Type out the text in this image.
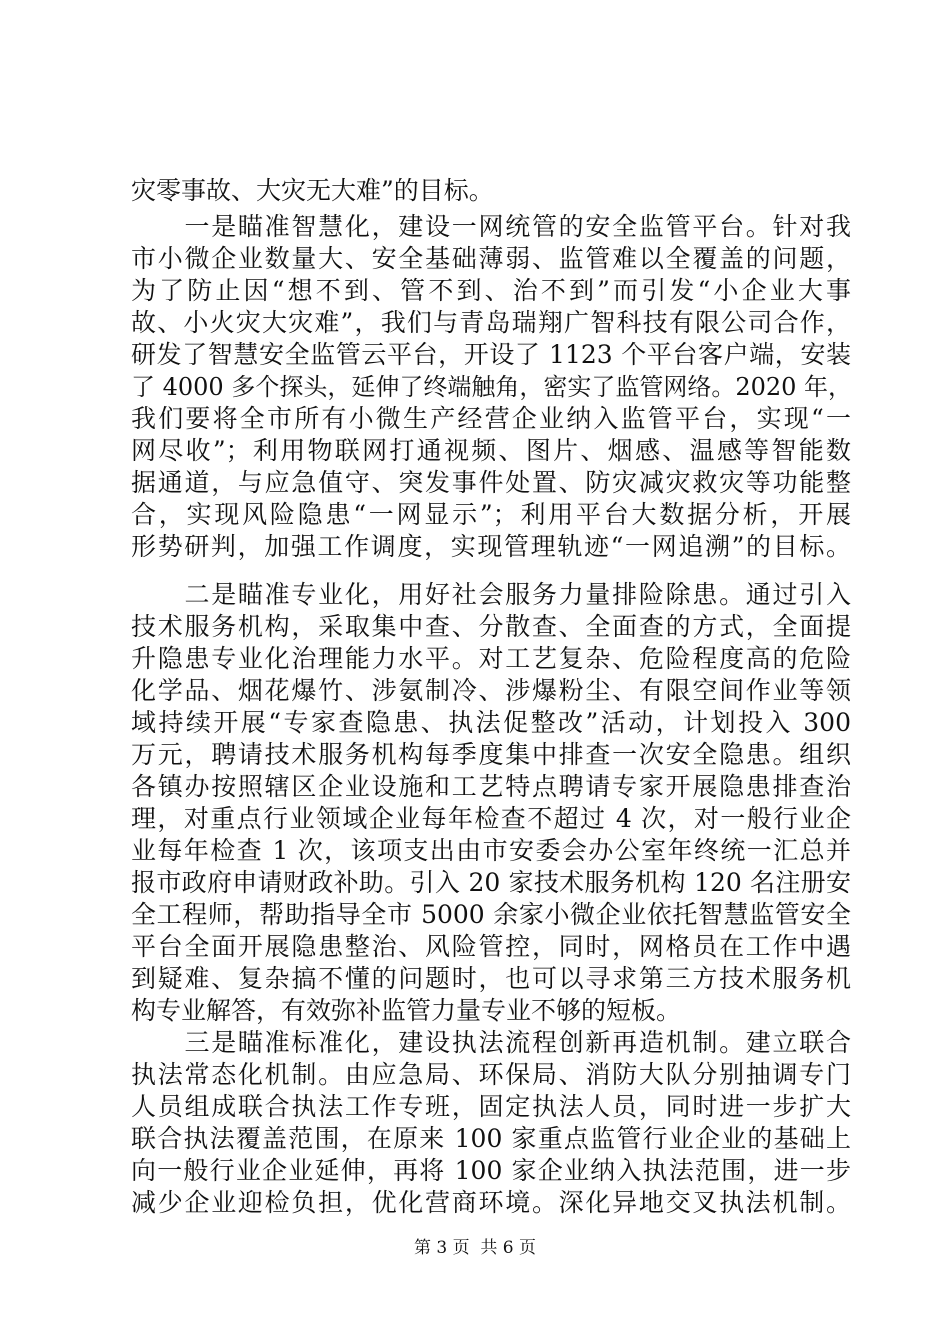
灾零事故、大灾无大难”的目标。
　　一是瞄准智慧化，建设一网统管的安全监管平台。针对我
市小微企业数量大、安全基础薄弱、监管难以全覆盖的问题，
为了防止因“想不到、管不到、治不到”而引发“小企业大事
故、小火灾大灾难”，我们与青岛瑞翔广智科技有限公司合作，
研发了智慧安全监管云平台，开设了 1123 个平台客户端，安装
了 4000 多个探头，延伸了终端触角，密实了监管网络。2020 年，
我们要将全市所有小微生产经营企业纳入监管平台，实现“一
网尽收”；利用物联网打通视频、图片、烟感、温感等智能数
据通道，与应急值守、突发事件处置、防灾减灾救灾等功能整
合，实现风险隐患“一网显示”；利用平台大数据分析，开展
形势研判，加强工作调度，实现管理轨迹“一网追溯”的目标。
　　二是瞄准专业化，用好社会服务力量排险除患。通过引入
技术服务机构，采取集中查、分散查、全面查的方式，全面提
升隐患专业化治理能力水平。对工艺复杂、危险程度高的危险
化学品、烟花爆竹、涉氨制冷、涉爆粉尘、有限空间作业等领
域持续开展“专家查隐患、执法促整改”活动，计划投入 300
万元，聘请技术服务机构每季度集中排查一次安全隐患。组织
各镇办按照辖区企业设施和工艺特点聘请专家开展隐患排查治
理，对重点行业领域企业每年检查不超过 4 次，对一般行业企
业每年检查 1 次，该项支出由市安委会办公室年终统一汇总并
报市政府申请财政补助。引入 20 家技术服务机构 120 名注册安
全工程师，帮助指导全市 5000 余家小微企业依托智慧监管安全
平台全面开展隐患整治、风险管控，同时，网格员在工作中遇
到疑难、复杂搞不懂的问题时，也可以寻求第三方技术服务机
构专业解答，有效弥补监管力量专业不够的短板。
　　三是瞄准标准化，建设执法流程创新再造机制。建立联合
执法常态化机制。由应急局、环保局、消防大队分别抽调专门
人员组成联合执法工作专班，固定执法人员，同时进一步扩大
联合执法覆盖范围，在原来 100 家重点监管行业企业的基础上
向一般行业企业延伸，再将 100 家企业纳入执法范围，进一步
减少企业迎检负担，优化营商环境。深化异地交叉执法机制。
第 3 页  共 6 页
